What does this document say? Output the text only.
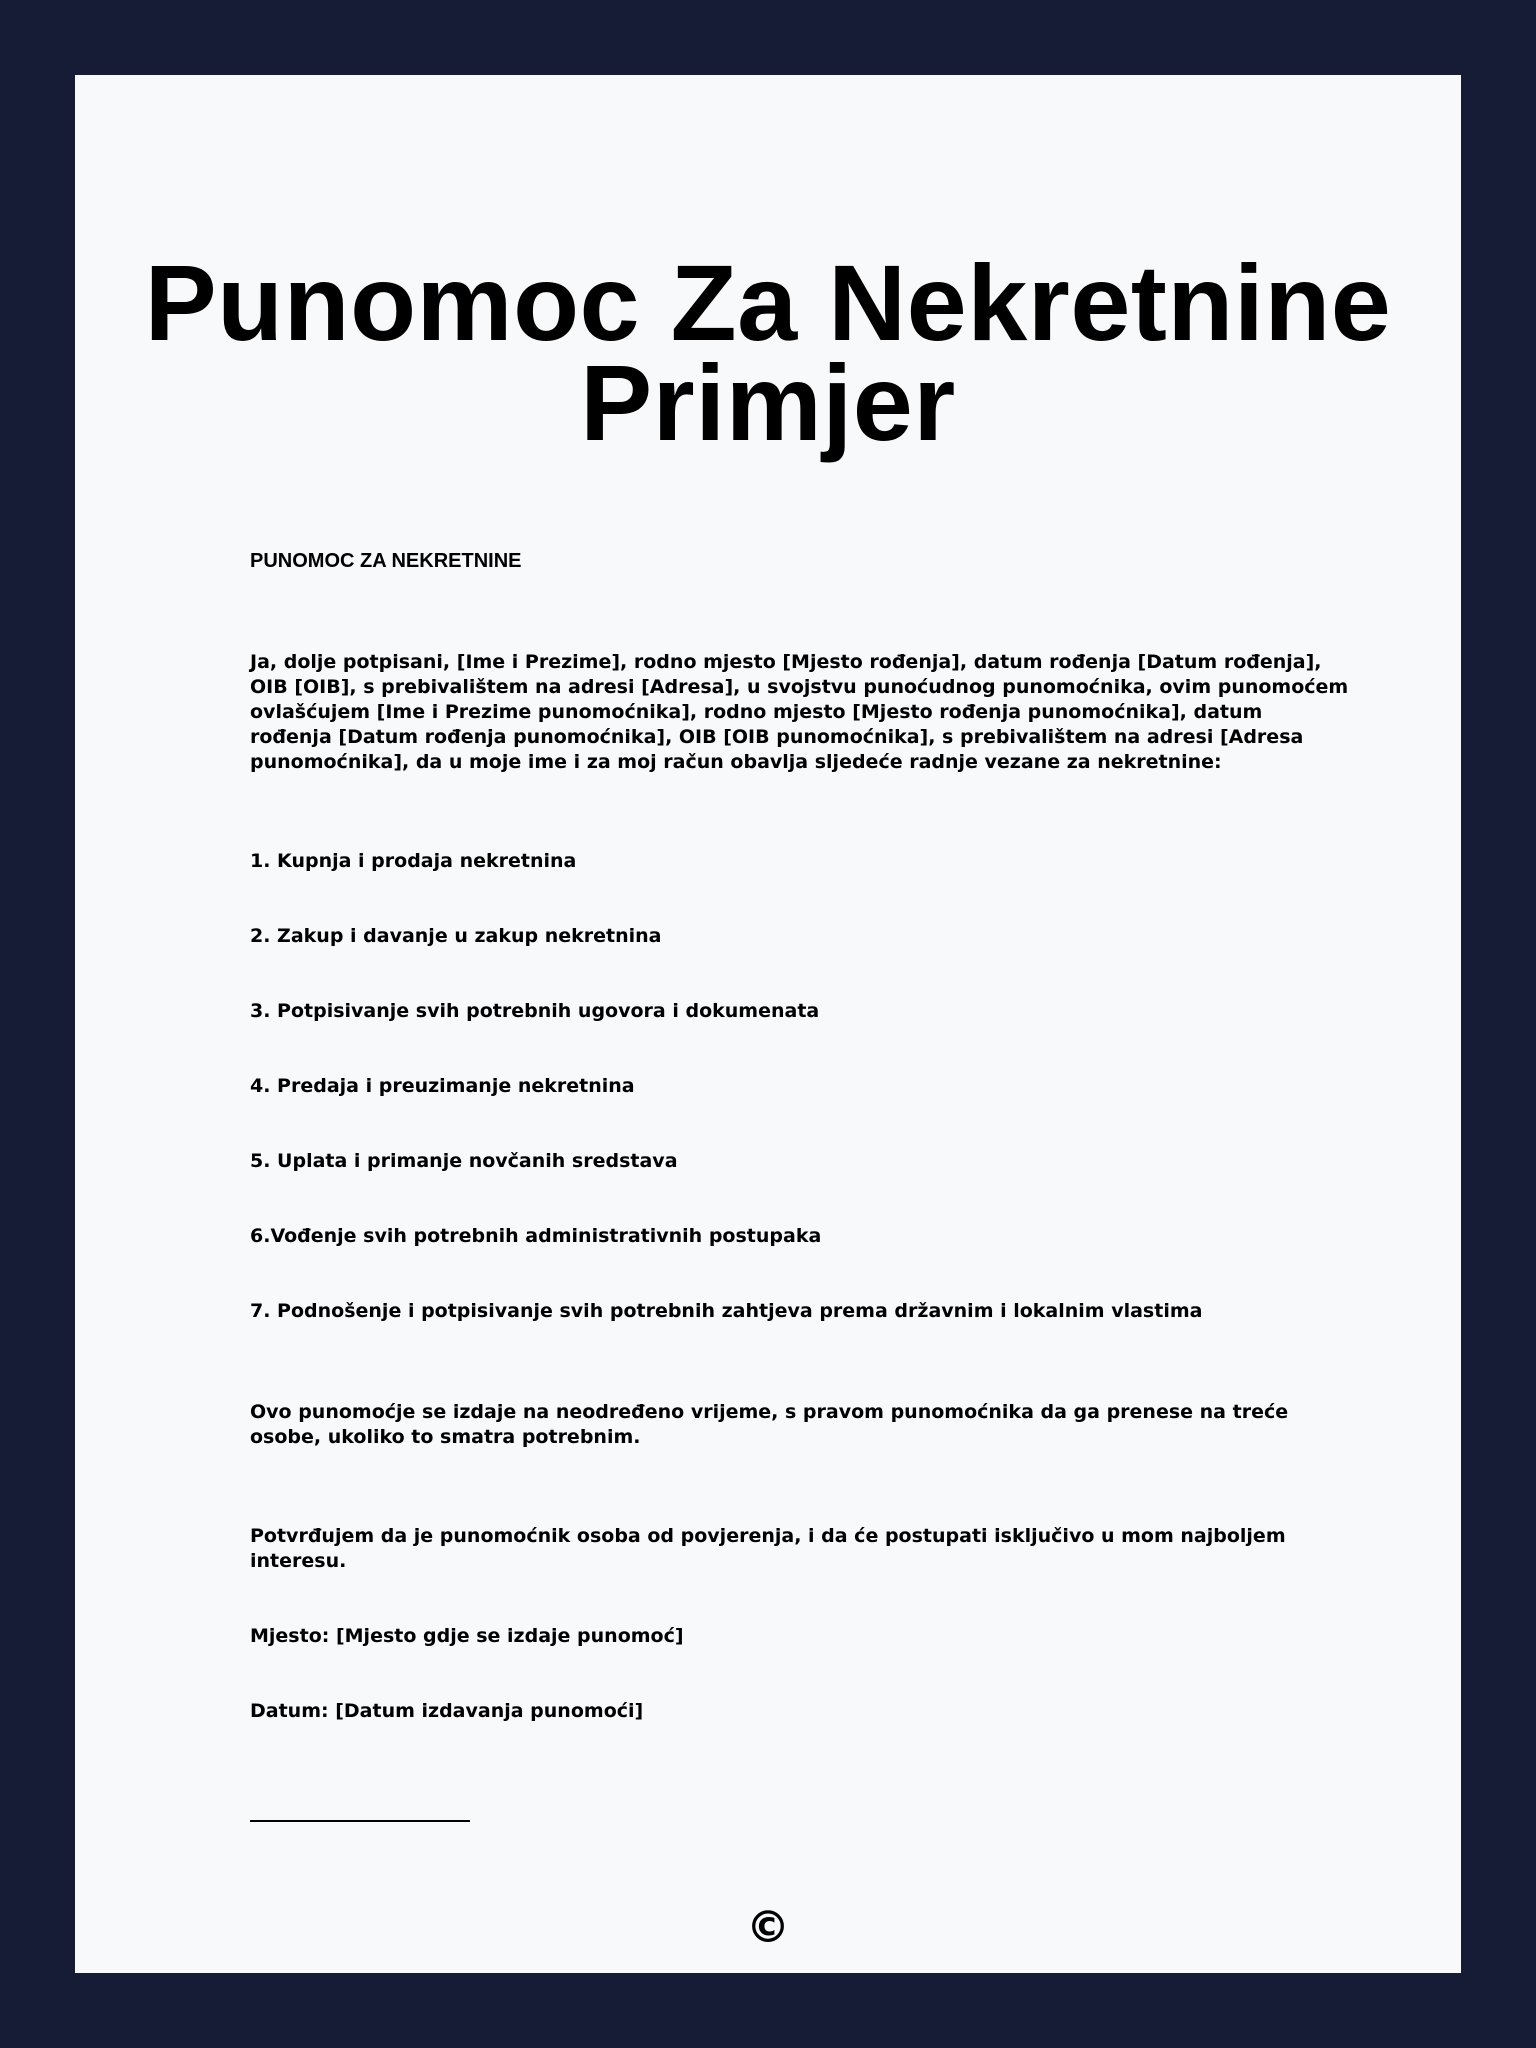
Punomoc Za Nekretnine Primjer

PUNOMOC ZA NEKRETNINE

Ja, dolje potpisani, [Ime i Prezime], rodno mjesto [Mjesto rođenja], datum rođenja [Datum rođenja], OIB [OIB], s prebivalištem na adresi [Adresa], u svojstvu punoćudnog punomoćnika, ovim punomoćem ovlašćujem [Ime i Prezime punomoćnika], rodno mjesto [Mjesto rođenja punomoćnika], datum rođenja [Datum rođenja punomoćnika], OIB [OIB punomoćnika], s prebivalištem na adresi [Adresa punomoćnika], da u moje ime i za moj račun obavlja sljedeće radnje vezane za nekretnine:

1. Kupnja i prodaja nekretnina

2. Zakup i davanje u zakup nekretnina

3. Potpisivanje svih potrebnih ugovora i dokumenata

4. Predaja i preuzimanje nekretnina

5. Uplata i primanje novčanih sredstava

6.Vođenje svih potrebnih administrativnih postupaka

7. Podnošenje i potpisivanje svih potrebnih zahtjeva prema državnim i lokalnim vlastima

Ovo punomoćje se izdaje na neodređeno vrijeme, s pravom punomoćnika da ga prenese na treće osobe, ukoliko to smatra potrebnim.

Potvrđujem da je punomoćnik osoba od povjerenja, i da će postupati isključivo u mom najboljem interesu.

Mjesto: [Mjesto gdje se izdaje punomoć]

Datum: [Datum izdavanja punomoći]

©
